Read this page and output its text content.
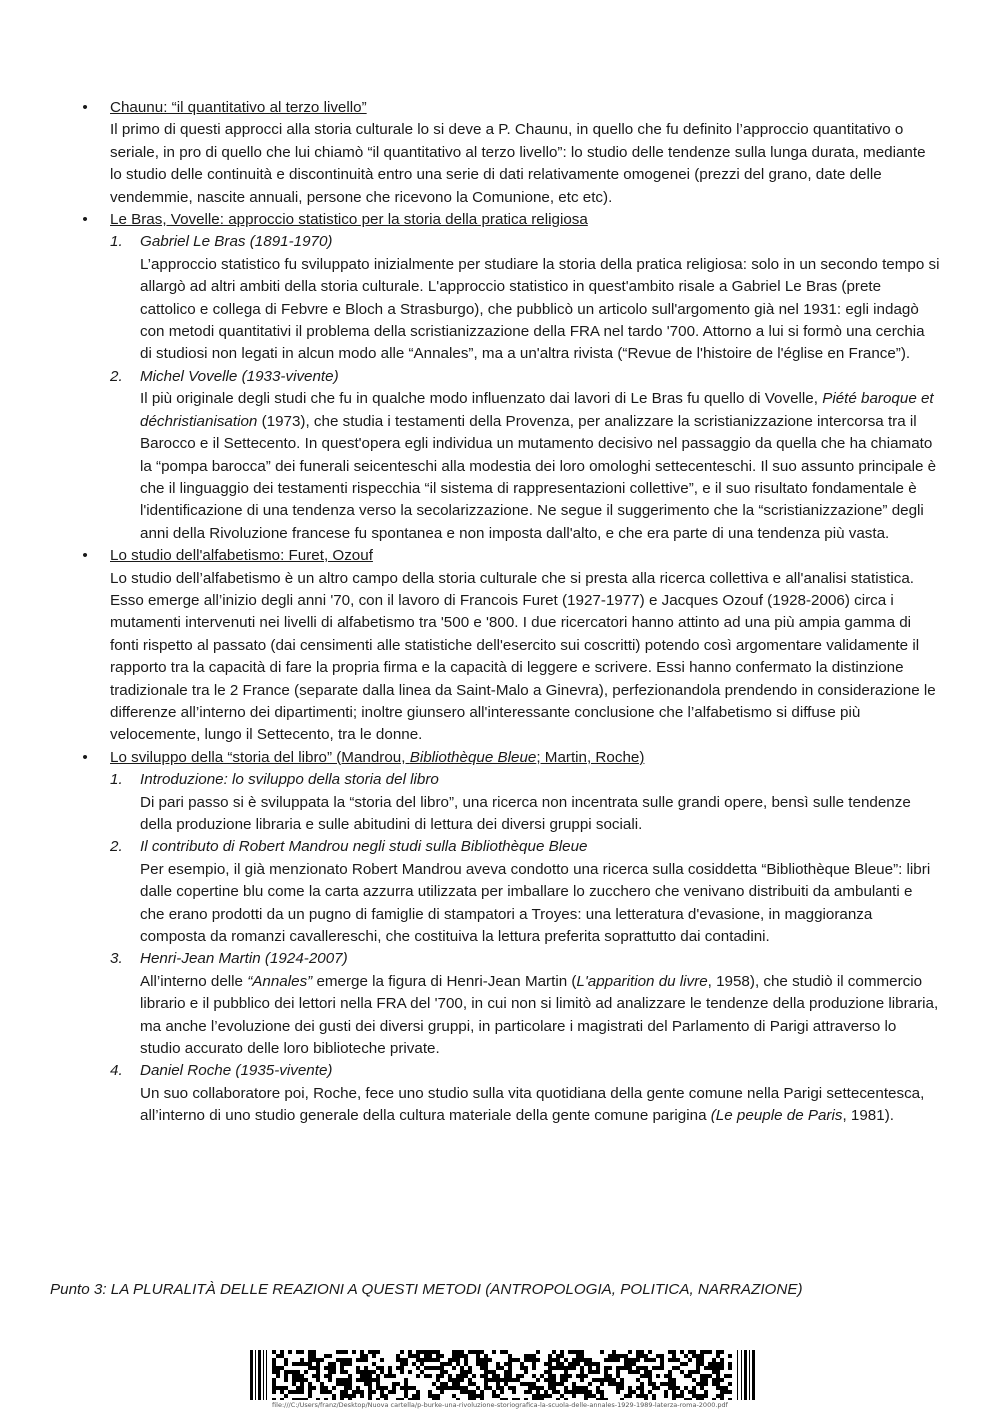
• Chaunu: “il quantitativo al terzo livello”
Il primo di questi approcci alla storia culturale lo si deve a P. Chaunu, in quello che fu definito l’approccio quantitativo o seriale, in pro di quello che lui chiamò “il quantitativo al terzo livello”: lo studio delle tendenze sulla lunga durata, mediante lo studio delle continuità e discontinuità entro una serie di dati relativamente omogenei (prezzi del grano, date delle vendemmie, nascite annuali, persone che ricevono la Comunione, etc etc).
• Le Bras, Vovelle: approccio statistico per la storia della pratica religiosa
1. Gabriel Le Bras (1891-1970)
L’approccio statistico fu sviluppato inizialmente per studiare la storia della pratica religiosa: solo in un secondo tempo si allargò ad altri ambiti della storia culturale. L'approccio statistico in quest'ambito risale a Gabriel Le Bras (prete cattolico e collega di Febvre e Bloch a Strasburgo), che pubblicò un articolo sull'argomento già nel 1931: egli indagò con metodi quantitativi il problema della scristianizzazione della FRA nel tardo '700. Attorno a lui si formò una cerchia di studiosi non legati in alcun modo alle “Annales”, ma a un'altra rivista (“Revue de l'histoire de l'église en France”).
2. Michel Vovelle (1933-vivente)
Il più originale degli studi che fu in qualche modo influenzato dai lavori di Le Bras fu quello di Vovelle, Piété baroque et déchristianisation (1973), che studia i testamenti della Provenza, per analizzare la scristianizzazione intercorsa tra il Barocco e il Settecento. In quest'opera egli individua un mutamento decisivo nel passaggio da quella che ha chiamato la “pompa barocca” dei funerali seicenteschi alla modestia dei loro omologhi settecenteschi. Il suo assunto principale è che il linguaggio dei testamenti rispecchia “il sistema di rappresentazioni collettive”, e il suo risultato fondamentale è l'identificazione di una tendenza verso la secolarizzazione. Ne segue il suggerimento che la “scristianizzazione” degli anni della Rivoluzione francese fu spontanea e non imposta dall'alto, e che era parte di una tendenza più vasta.
• Lo studio dell'alfabetismo: Furet, Ozouf
Lo studio dell’alfabetismo è un altro campo della storia culturale che si presta alla ricerca collettiva e all'analisi statistica. Esso emerge all’inizio degli anni '70, con il lavoro di Francois Furet (1927-1977) e Jacques Ozouf (1928-2006) circa i mutamenti intervenuti nei livelli di alfabetismo tra '500 e '800. I due ricercatori hanno attinto ad una più ampia gamma di fonti rispetto al passato (dai censimenti alle statistiche dell'esercito sui coscritti) potendo così argomentare validamente il rapporto tra la capacità di fare la propria firma e la capacità di leggere e scrivere. Essi hanno confermato la distinzione tradizionale tra le 2 France (separate dalla linea da Saint-Malo a Ginevra), perfezionandola prendendo in considerazione le differenze all’interno dei dipartimenti; inoltre giunsero all'interessante conclusione che l’alfabetismo si diffuse più velocemente, lungo il Settecento, tra le donne.
• Lo sviluppo della “storia del libro” (Mandrou, Bibliothèque Bleue; Martin, Roche)
1. Introduzione: lo sviluppo della storia del libro
Di pari passo si è sviluppata la “storia del libro”, una ricerca non incentrata sulle grandi opere, bensì sulle tendenze della produzione libraria e sulle abitudini di lettura dei diversi gruppi sociali.
2. Il contributo di Robert Mandrou negli studi sulla Bibliothèque Bleue
Per esempio, il già menzionato Robert Mandrou aveva condotto una ricerca sulla cosiddetta “Bibliothèque Bleue”: libri dalle copertine blu come la carta azzurra utilizzata per imballare lo zucchero che venivano distribuiti da ambulanti e che erano prodotti da un pugno di famiglie di stampatori a Troyes: una letteratura d'evasione, in maggioranza composta da romanzi cavallereschi, che costituiva la lettura preferita soprattutto dai contadini.
3. Henri-Jean Martin (1924-2007)
All’interno delle “Annales” emerge la figura di Henri-Jean Martin (L'apparition du livre, 1958), che studiò il commercio librario e il pubblico dei lettori nella FRA del '700, in cui non si limitò ad analizzare le tendenze della produzione libraria, ma anche l’evoluzione dei gusti dei diversi gruppi, in particolare i magistrati del Parlamento di Parigi attraverso lo studio accurato delle loro biblioteche private.
4. Daniel Roche (1935-vivente)
Un suo collaboratore poi, Roche, fece uno studio sulla vita quotidiana della gente comune nella Parigi settecentesca, all’interno di uno studio generale della cultura materiale della gente comune parigina (Le peuple de Paris, 1981).
Punto 3: LA PLURALITÀ DELLE REAZIONI A QUESTI METODI (ANTROPOLOGIA, POLITICA, NARRAZIONE)
file:///C:/Users/franz/Desktop/Nuova cartella/p-burke-una-rivoluzione-storiografica-la-scuola-delle-annales-1929-1989-laterza-roma-2000.pdf
